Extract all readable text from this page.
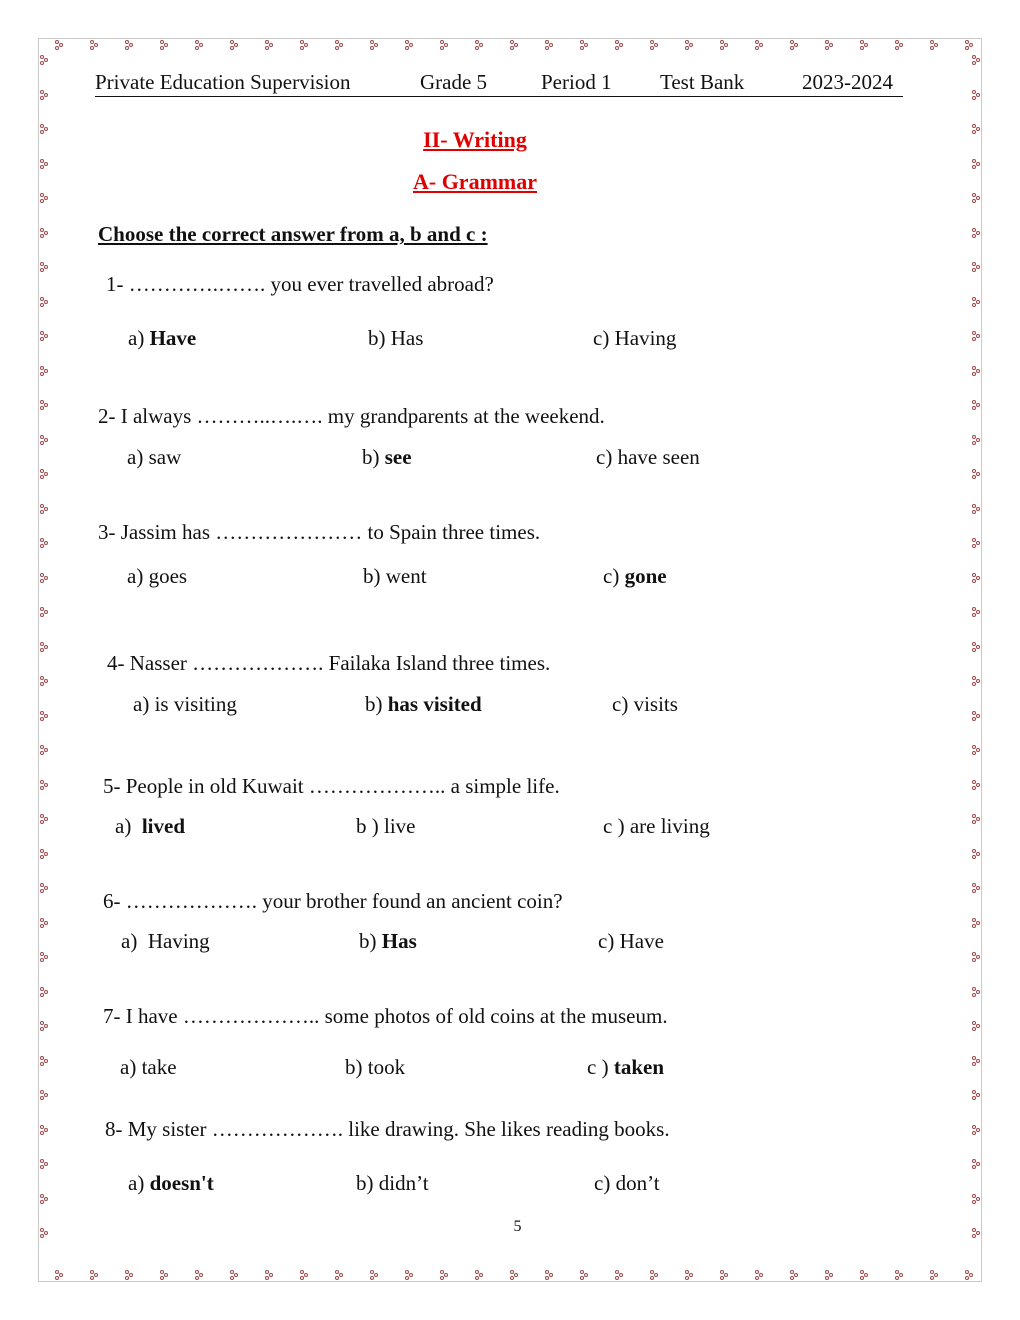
Private Education Supervision	Grade 5	Period 1 Test Bank	2023-2024
II- Writing
A- Grammar
Choose the correct answer from a, b and c :
1- ………….……. you ever travelled abroad?
a) Have	b) Has	c) Having
2- I always ………..….…. my grandparents at the weekend.
a) saw	b) see	c) have seen
3- Jassim has ………………… to Spain three times.
a) goes	b) went	c) gone
4- Nasser ………………. Failaka Island three times.
a) is visiting	b) has visited	c) visits
5- People in old Kuwait ……………….. a simple life.
a)  lived	b ) live	c ) are living
6- ………………. your brother found an ancient coin?
a)  Having	b) Has	c) Have
7- I have ……………….. some photos of old coins at the museum.
a) take	b) took	c ) taken
8- My sister ………………. like drawing. She likes reading books.
a) doesn't	b) didn’t	c) don’t
5
